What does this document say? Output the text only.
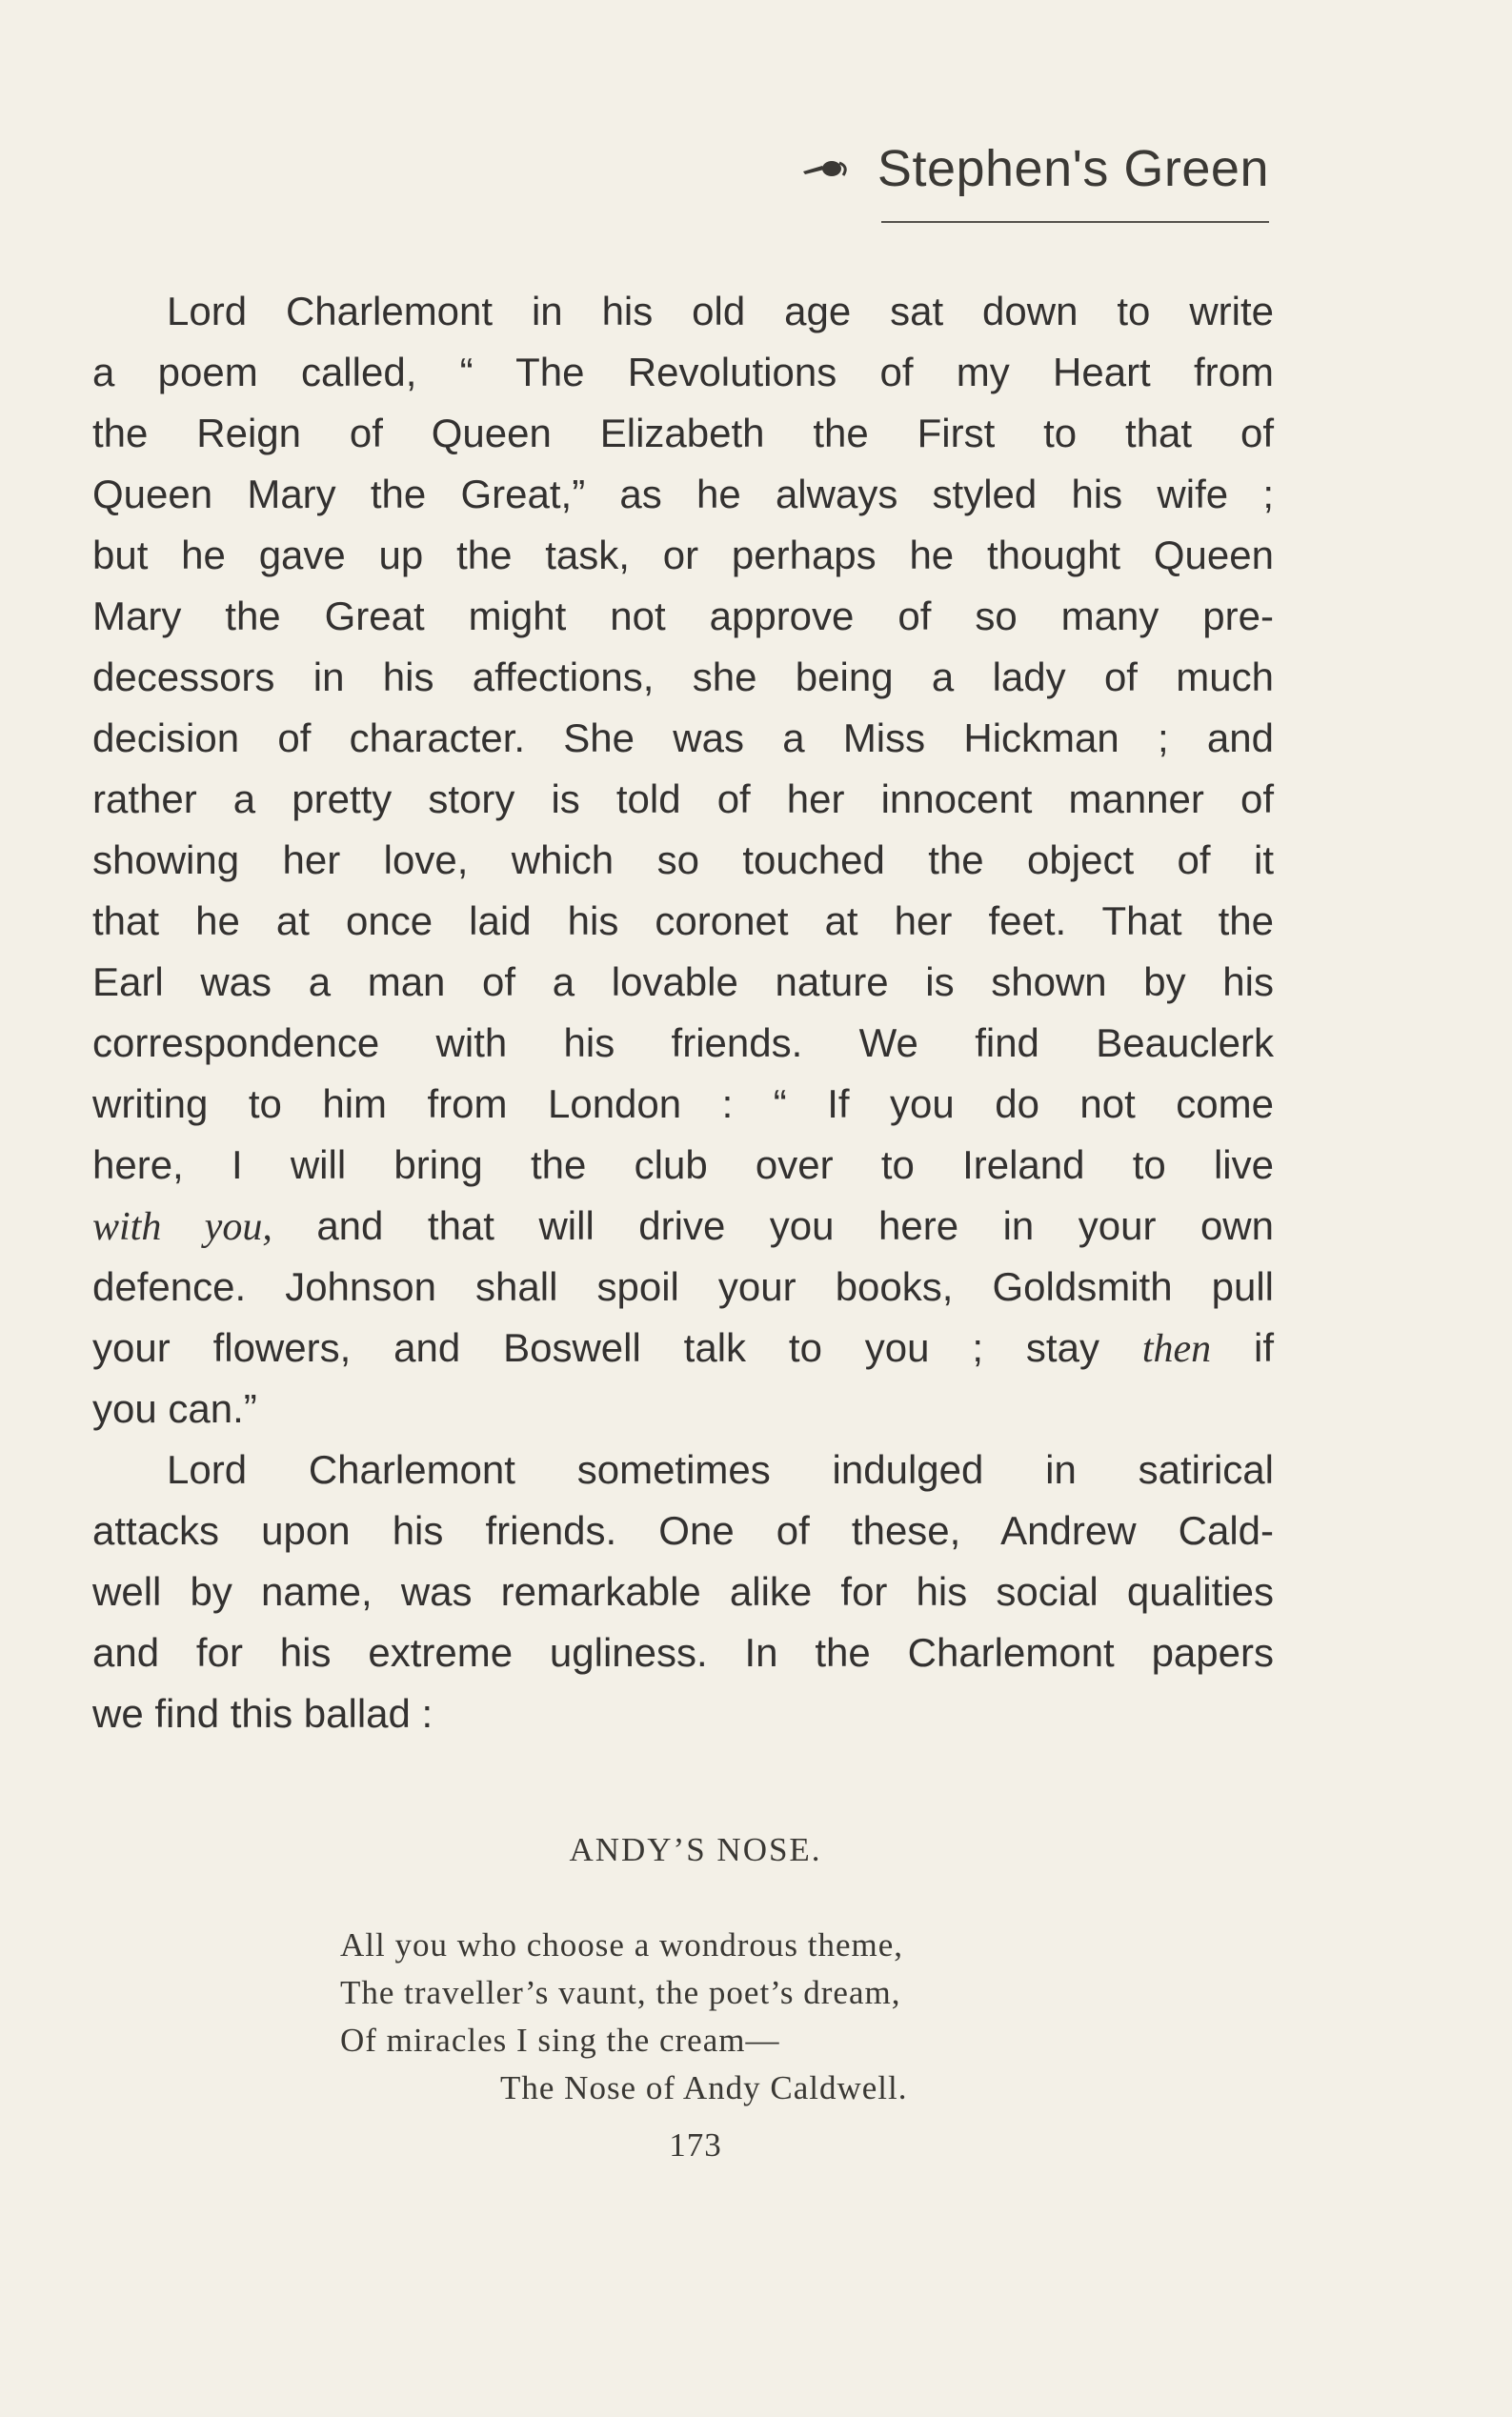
Stephen's Green
Lord Charlemont in his old age sat down to write
a poem called, “ The Revolutions of my Heart from
the Reign of Queen Elizabeth the First to that of
Queen Mary the Great,” as he always styled his wife ;
but he gave up the task, or perhaps he thought Queen
Mary the Great might not approve of so many pre-
decessors in his affections, she being a lady of much
decision of character. She was a Miss Hickman ; and
rather a pretty story is told of her innocent manner of
showing her love, which so touched the object of it
that he at once laid his coronet at her feet. That the
Earl was a man of a lovable nature is shown by his
correspondence with his friends. We find Beauclerk
writing to him from London : “ If you do not come
here, I will bring the club over to Ireland to live
with you, and that will drive you here in your own
defence. Johnson shall spoil your books, Goldsmith pull
your flowers, and Boswell talk to you ; stay then if
you can.”
Lord Charlemont sometimes indulged in satirical
attacks upon his friends. One of these, Andrew Cald-
well by name, was remarkable alike for his social qualities
and for his extreme ugliness. In the Charlemont papers
we find this ballad :
ANDY’S NOSE.
All you who choose a wondrous theme,
The traveller’s vaunt, the poet’s dream,
Of miracles I sing the cream—
The Nose of Andy Caldwell.
173
